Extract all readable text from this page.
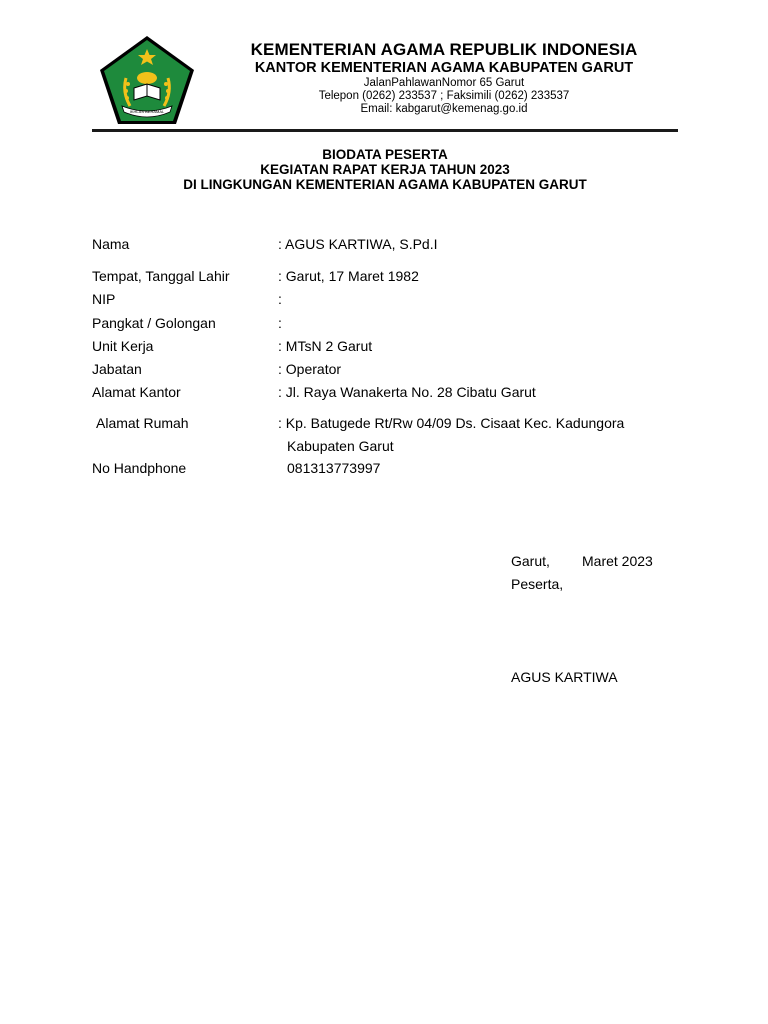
IKHLAS BERAMAL
KEMENTERIAN AGAMA REPUBLIK INDONESIA
KANTOR KEMENTERIAN AGAMA KABUPATEN GARUT
JalanPahlawanNomor 65 Garut
Telepon (0262) 233537 ; Faksimili (0262) 233537
Email: kabgarut@kemenag.go.id
BIODATA PESERTA
KEGIATAN RAPAT KERJA TAHUN 2023
DI LINGKUNGAN KEMENTERIAN AGAMA KABUPATEN GARUT
Nama	: AGUS KARTIWA, S.Pd.I
Tempat, Tanggal Lahir	: Garut, 17 Maret 1982
NIP	:
Pangkat / Golongan	:
Unit Kerja	: MTsN 2 Garut
Jabatan	: Operator
Alamat Kantor	: Jl. Raya Wanakerta No. 28 Cibatu Garut
Alamat Rumah	: Kp. Batugede Rt/Rw 04/09 Ds. Cisaat Kec. Kadungora
Kabupaten Garut
No Handphone	081313773997
Garut, Maret 2023
Peserta,
AGUS KARTIWA
